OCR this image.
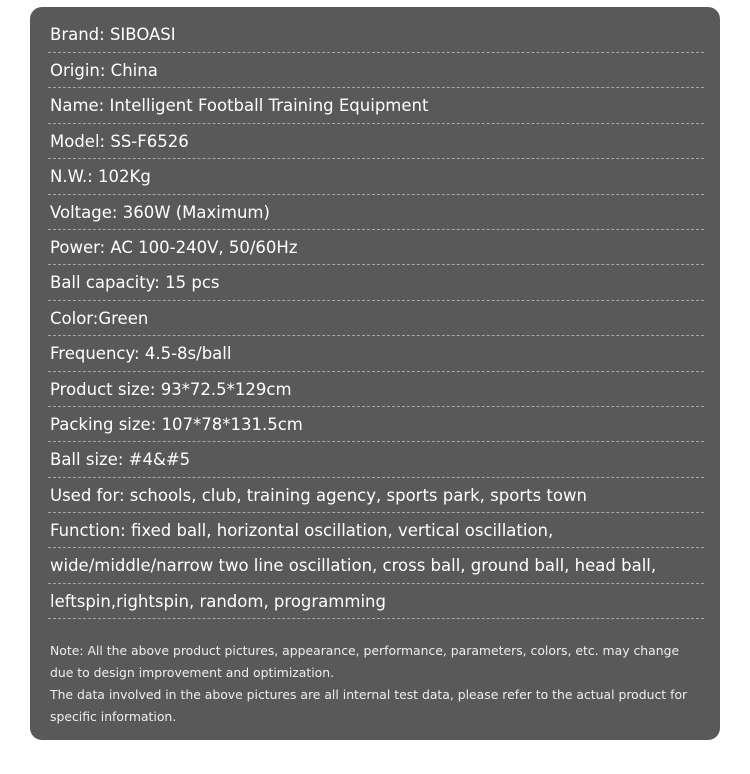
Brand: SIBOASI
Origin: China
Name: Intelligent Football Training Equipment
Model: SS-F6526
N.W.: 102Kg
Voltage: 360W (Maximum)
Power: AC 100-240V, 50/60Hz
Ball capacity: 15 pcs
Color:Green
Frequency: 4.5-8s/ball
Product size: 93*72.5*129cm
Packing size: 107*78*131.5cm
Ball size: #4&#5
Used for: schools, club, training agency, sports park, sports town
Function: fixed ball, horizontal oscillation, vertical oscillation,
wide/middle/narrow two line oscillation, cross ball, ground ball, head ball,
leftspin,rightspin, random, programming

Note: All the above product pictures, appearance, performance, parameters, colors, etc. may change due to design improvement and optimization.

The data involved in the above pictures are all internal test data, please refer to the actual product for specific information.
